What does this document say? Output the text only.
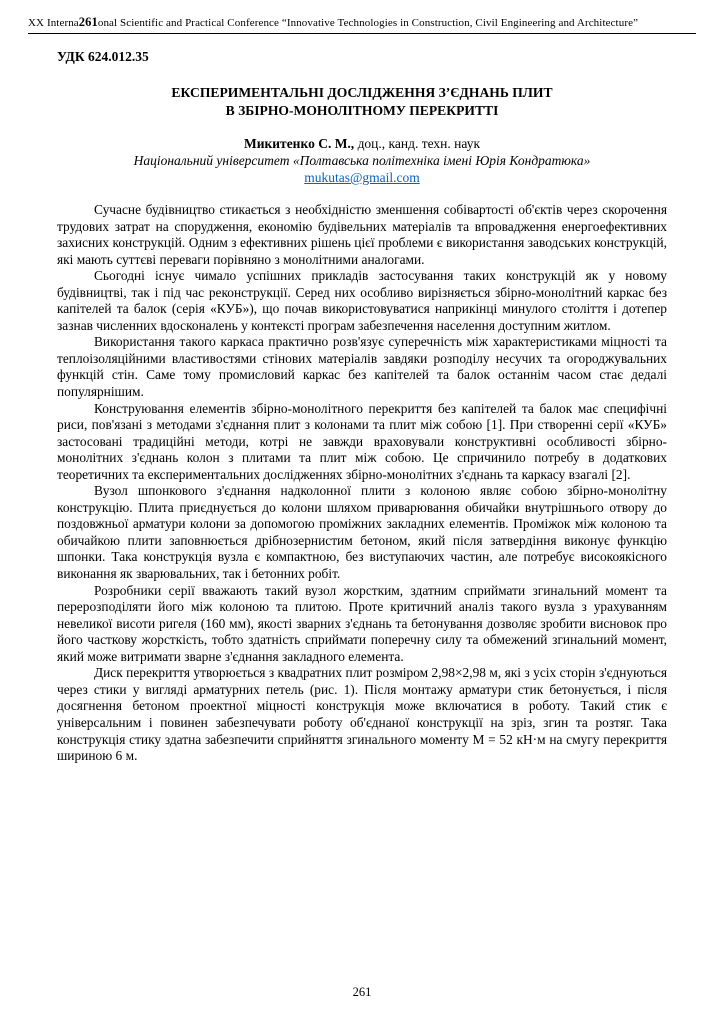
XX Interna261onal Scientific and Practical Conference “Innovative Technologies in Construction, Civil Engineering and Architecture”
УДК 624.012.35
ЕКСПЕРИМЕНТАЛЬНІ ДОСЛІДЖЕННЯ З’ЄДНАНЬ ПЛИТ
В ЗБІРНО-МОНОЛІТНОМУ ПЕРЕКРИТТІ
Микитенко С. М., доц., канд. техн. наук
Національний університет «Полтавська політехніка імені Юрія Кондратюка»
mukutas@gmail.com

Сучасне будівництво стикається з необхідністю зменшення собівартості об'єктів через скорочення трудових затрат на спорудження, економію будівельних матеріалів та впровадження енергоефективних захисних конструкцій. Одним з ефективних рішень цієї проблеми є використання заводських конструкцій, які мають суттєві переваги порівняно з монолітними аналогами.

Сьогодні існує чимало успішних прикладів застосування таких конструкцій як у новому будівництві, так і під час реконструкції. Серед них особливо вирізняється збірно-монолітний каркас без капітелей та балок (серія «КУБ»), що почав використовуватися наприкінці минулого століття і дотепер зазнав численних вдосконалень у контексті програм забезпечення населення доступним житлом.

Використання такого каркаса практично розв'язує суперечність між характеристиками міцності та теплоізоляційними властивостями стінових матеріалів завдяки розподілу несучих та огороджувальних функцій стін. Саме тому промисловий каркас без капітелей та балок останнім часом стає дедалі популярнішим.

Конструювання елементів збірно-монолітного перекриття без капітелей та балок має специфічні риси, пов'язані з методами з'єднання плит з колонами та плит між собою [1]. При створенні серії «КУБ» застосовані традиційні методи, котрі не завжди враховували конструктивні особливості збірно-монолітних з'єднань колон з плитами та плит між собою. Це спричинило потребу в додаткових теоретичних та експериментальних дослідженнях збірно-монолітних з'єднань та каркасу взагалі [2].

Вузол шпонкового з'єднання надколонної плити з колоною являє собою збірно-монолітну конструкцію. Плита приєднується до колони шляхом приварювання обичайки внутрішнього отвору до поздовжньої арматури колони за допомогою проміжних закладних елементів. Проміжок між колоною та обичайкою плити заповнюється дрібнозернистим бетоном, який після затвердіння виконує функцію шпонки. Така конструкція вузла є компактною, без виступаючих частин, але потребує високоякісного виконання як зварювальних, так і бетонних робіт.

Розробники серії вважають такий вузол жорстким, здатним сприймати згинальний момент та перерозподіляти його між колоною та плитою. Проте критичний аналіз такого вузла з урахуванням невеликої висоти ригеля (160 мм), якості зварних з'єднань та бетонування дозволяє зробити висновок про його часткову жорсткість, тобто здатність сприймати поперечну силу та обмежений згинальний момент, який може витримати зварне з'єднання закладного елемента.

Диск перекриття утворюється з квадратних плит розміром 2,98×2,98 м, які з усіх сторін з'єднуються через стики у вигляді арматурних петель (рис. 1). Після монтажу арматури стик бетонується, і після досягнення бетоном проектної міцності конструкція може включатися в роботу. Такий стик є універсальним і повинен забезпечувати роботу об'єднаної конструкції на зріз, згин та розтяг. Така конструкція стику здатна забезпечити сприйняття згинального моменту М = 52 кН·м на смугу перекриття шириною 6 м.

261
